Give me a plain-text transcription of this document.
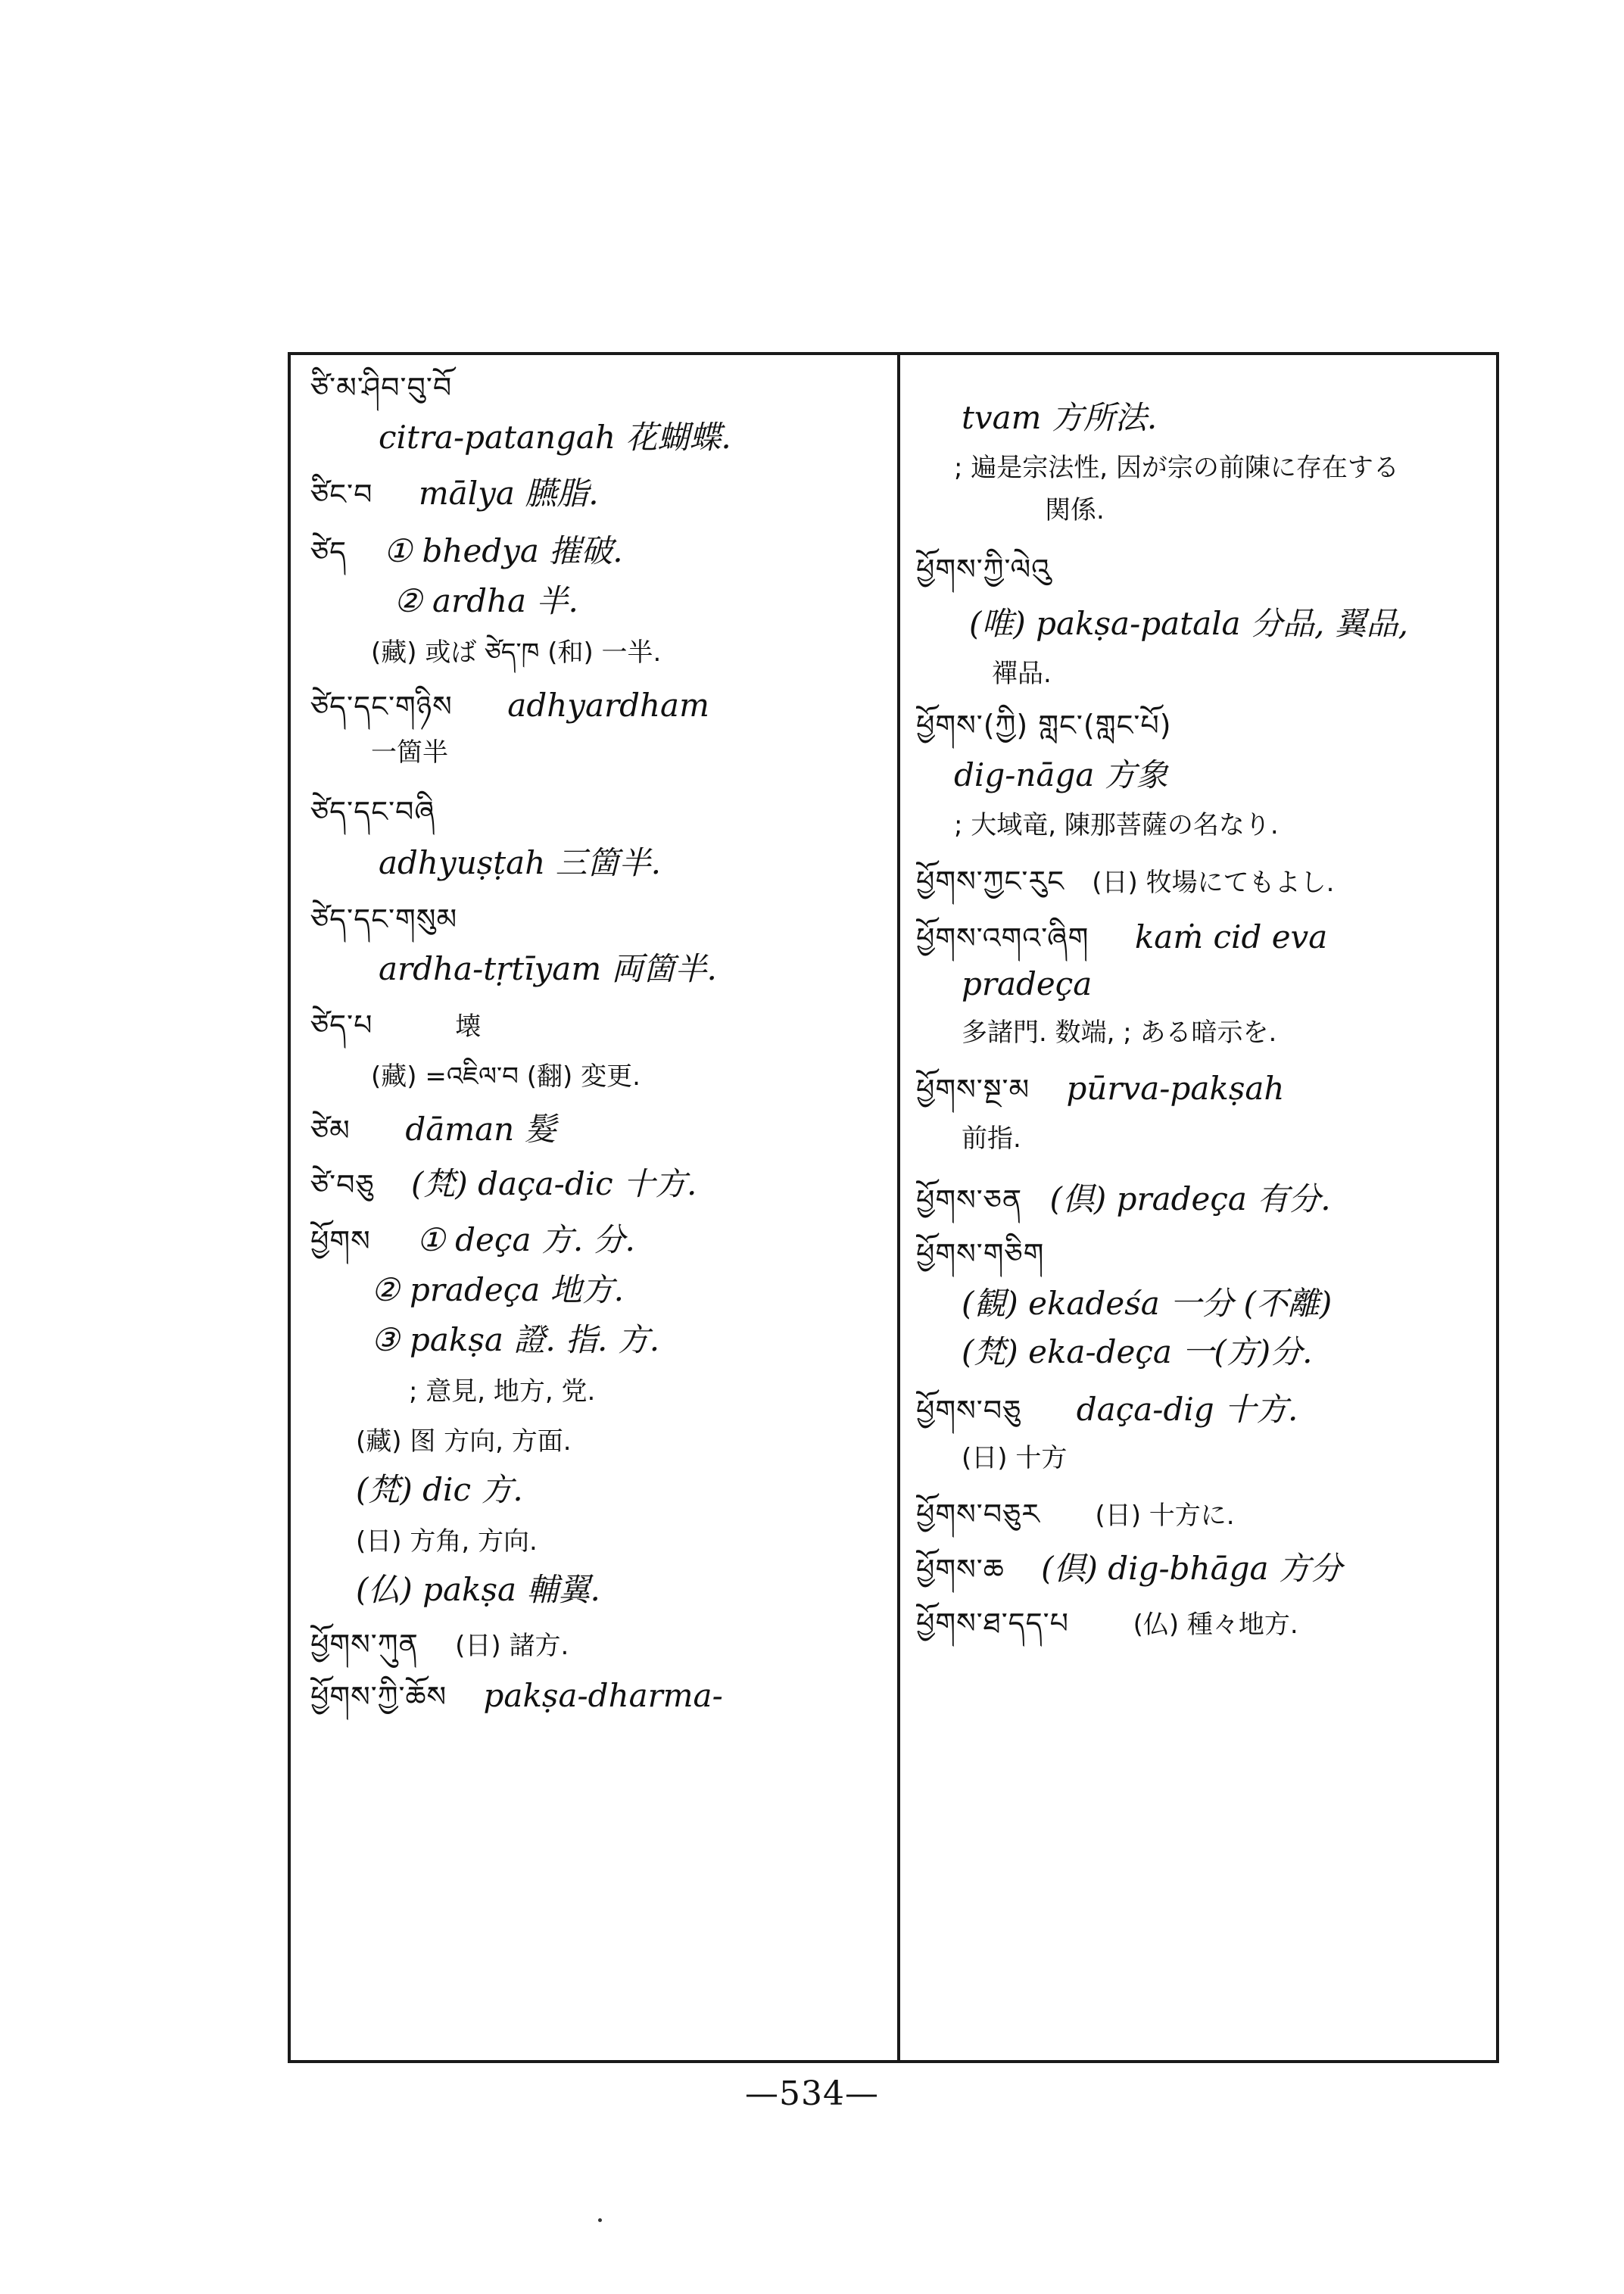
ཙི་མ་ཤིབ་བུ་བོ
citra-patangah 花蝴蝶.
ཙིང་བ mālya 臙脂.
ཙེད ① bhedya 摧破.
② ardha 半.
(藏) 或ば ཙེད་ཁ (和) 一半.
ཙེད་དང་གཉིས adhyardham
一箇半
ཙེད་དང་བཞི
adhyuṣṭah 三箇半.
ཙེད་དང་གསུམ
ardha-tṛtīyam 両箇半.
ཙེད་པ	壊
(藏) =འཇིལ་བ (翻) 変更.
ཙེམ dāman 髮
ཙེ་བཅུ (梵) daça-dic 十方.
ཕྱོགས ① deça 方. 分.
② pradeça 地方.
③ pakṣa 證. 指. 方.
; 意見, 地方, 党.
(藏) 图 方向, 方面.
(梵) dic 方.
(日) 方角, 方向.
(仏) pakṣa 輔翼.
ཕྱོགས་ཀུན (日) 諸方.
ཕྱོགས་ཀྱི་ཆོས pakṣa-dharma-
tvam 方所法.
; 遍是宗法性, 因が宗の前陳に存在する
関係.
ཕྱོགས་ཀྱི་ལེའུ
(唯) pakṣa-patala 分品, 翼品,
禪品.
ཕྱོགས་(ཀྱི) གླང་(གླང་པོ)
dig-nāga 方象
; 大域竜, 陳那菩薩の名なり.
ཕྱོགས་ཀྱང་རུང (日) 牧場にてもよし.
ཕྱོགས་འགའ་ཞིག kaṁ cid eva
pradeça
多諸門. 数端, ; ある暗示を.
ཕྱོགས་སྔ་མ pūrva-pakṣah
前指.
ཕྱོགས་ཅན (倶) pradeça 有分.
ཕྱོགས་གཅིག
(観) ekadeśa 一分 (不離)
(梵) eka-deça 一(方)分.
ཕྱོགས་བཅུ daça-dig 十方.
(日) 十方
ཕྱོགས་བཅུར (日) 十方に.
ཕྱོགས་ཆ (倶) dig-bhāga 方分
ཕྱོགས་ཐ་དད་པ (仏) 種々地方.
—534—
